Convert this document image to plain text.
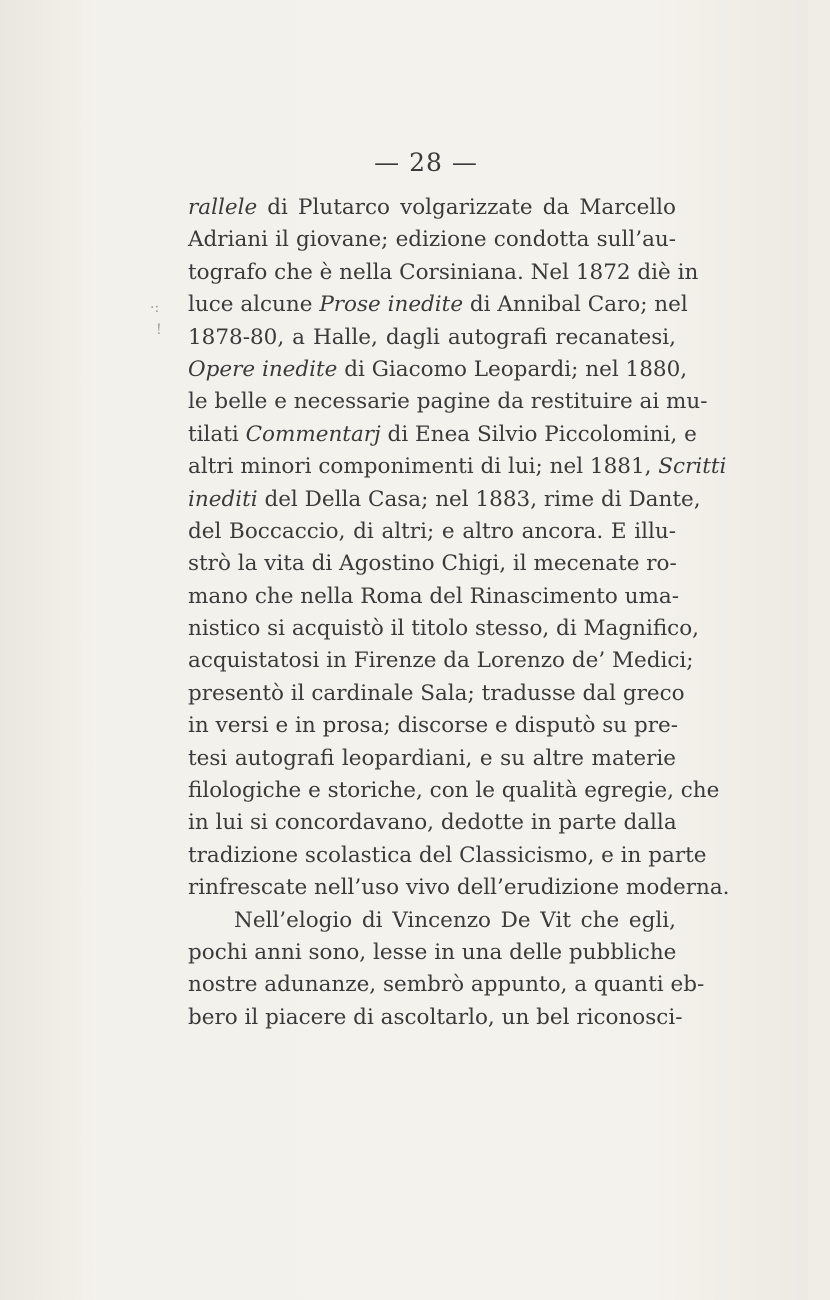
— 28 —
·:
!
rallele di Plutarco volgarizzate da Marcello
Adriani il giovane; edizione condotta sull’au-
tografo che è nella Corsiniana. Nel 1872 diè in
luce alcune Prose inedite di Annibal Caro; nel
1878-80, a Halle, dagli autografi recanatesi,
Opere inedite di Giacomo Leopardi; nel 1880,
le belle e necessarie pagine da restituire ai mu-
tilati Commentarj di Enea Silvio Piccolomini, e
altri minori componimenti di lui; nel 1881, Scritti
inediti del Della Casa; nel 1883, rime di Dante,
del Boccaccio, di altri; e altro ancora. E illu-
strò la vita di Agostino Chigi, il mecenate ro-
mano che nella Roma del Rinascimento uma-
nistico si acquistò il titolo stesso, di Magnifico,
acquistatosi in Firenze da Lorenzo de’ Medici;
presentò il cardinale Sala; tradusse dal greco
in versi e in prosa; discorse e disputò su pre-
tesi autografi leopardiani, e su altre materie
filologiche e storiche, con le qualità egregie, che
in lui si concordavano, dedotte in parte dalla
tradizione scolastica del Classicismo, e in parte
rinfrescate nell’uso vivo dell’erudizione moderna.
Nell’elogio di Vincenzo De Vit che egli,
pochi anni sono, lesse in una delle pubbliche
nostre adunanze, sembrò appunto, a quanti eb-
bero il piacere di ascoltarlo, un bel riconosci-
